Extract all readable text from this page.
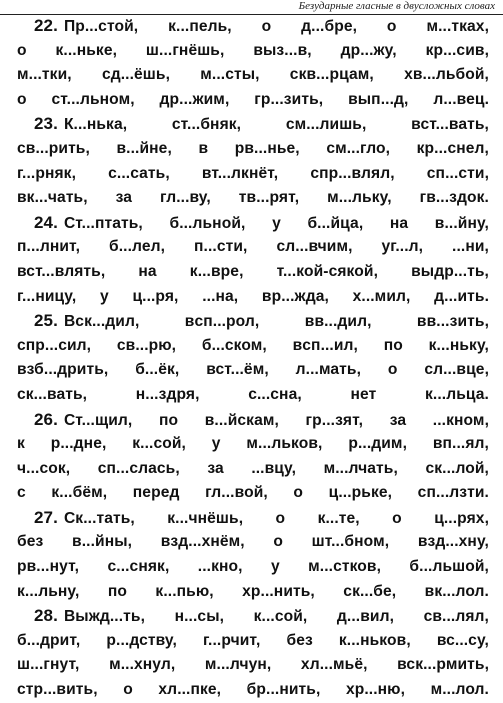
Безударные гласные в двусложных словах
22. Пр...стой, к...пель, о д...бре, о м...тках,
о к...ньке, ш...гнёшь, выз...в, др...жу, кр...сив,
м...тки, сд...ёшь, м...сты, скв...рцам, хв...льбой,
о ст...льном, др...жим, гр...зить, вып...д, л...вец.
23. К...нька, ст...бняк, см...лишь, вст...вать,
св...рить, в...йне, в рв...нье, см...гло, кр...снел,
г...рняк, с...сать, вт...лкнёт, спр...влял, сп...сти,
вк...чать, за гл...ву, тв...рят, м...льку, гв...здок.
24. Ст...птать, б...льной, у б...йца, на в...йну,
п...лнит, б...лел, п...сти, сл...вчим, уг...л, ...ни,
вст...влять, на к...вре, т...кой-сякой, выдр...ть,
г...ницу, у ц...ря, ...на, вр...жда, х...мил, д...ить.
25. Вск...дил, вcп...рол, вв...дил, вв...зить,
спр...сил, св...рю, б...ском, вcп...ил, по к...ньку,
взб...дрить, б...ёк, вст...ём, л...мать, о сл...вце,
ск...вать, н...здря, с...сна, нет к...льца.
26. Ст...щил, по в...йскам, гр...зят, за ...кном,
к р...дне, к...сой, у м...льков, р...дим, вп...ял,
ч...сок, сп...слась, за ...вцу, м...лчать, ск...лой,
с к...бём, перед гл...вой, о ц...рьке, сп...лзти.
27. Ск...тать, к...чнёшь, о к...те, о ц...рях,
без в...йны, взд...хнём, о шт...бном, взд...хну,
рв...нут, с...сняк, ...кно, у м...стков, б...льшой,
к...льну, по к...пью, хр...нить, ск...бе, вк...лол.
28. Выжд...ть, н...сы, к...сой, д...вил, св...лял,
б...дрит, р...дству, г...рчит, без к...ньков, вс...су,
ш...гнут, м...хнул, м...лчун, хл...мьё, вск...рмить,
стр...вить, о хл...пке, бр...нить, хр...ню, м...лол.
